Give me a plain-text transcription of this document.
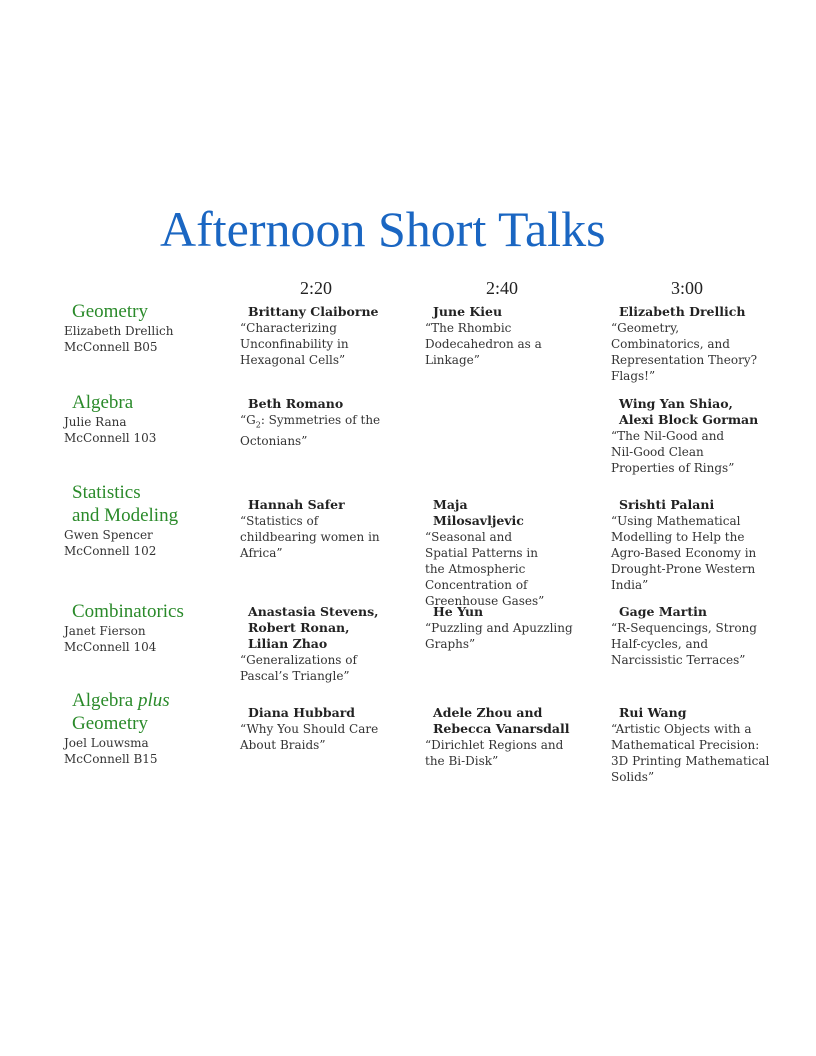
Afternoon Short Talks
2:20	2:40	3:00
Geometry
Elizabeth Drellich
McConnell B05
Brittany Claiborne
“Characterizing Unconfinability in Hexagonal Cells”
June Kieu
“The Rhombic Dodecahedron as a Linkage”
Elizabeth Drellich
“Geometry, Combinatorics, and Representation Theory? Flags!”
Algebra
Julie Rana
McConnell 103
Beth Romano
“$G_2$: Symmetries of the Octonians”
Wing Yan Shiao,
Alexi Block Gorman
“The Nil-Good and Nil-Good Clean Properties of Rings”
Statistics
and Modeling
Gwen Spencer
McConnell 102
Hannah Safer
“Statistics of childbearing women in Africa”
Maja Milosavljevic
“Seasonal and Spatial Patterns in the Atmospheric Concentration of Greenhouse Gases”
Srishti Palani
“Using Mathematical Modelling to Help the Agro-Based Economy in Drought-Prone Western India”
Combinatorics
Janet Fierson
McConnell 104
Anastasia Stevens,
Robert Ronan,
Lilian Zhao
“Generalizations of Pascal’s Triangle”
He Yun
“Puzzling and Apuzzling Graphs”
Gage Martin
“R-Sequencings, Strong Half-cycles, and Narcissistic Terraces”
Algebra plus
Geometry
Joel Louwsma
McConnell B15
Diana Hubbard
“Why You Should Care About Braids”
Adele Zhou and
Rebecca Vanarsdall
“Dirichlet Regions and the Bi-Disk”
Rui Wang
“Artistic Objects with a Mathematical Precision: 3D Printing Mathematical Solids”
